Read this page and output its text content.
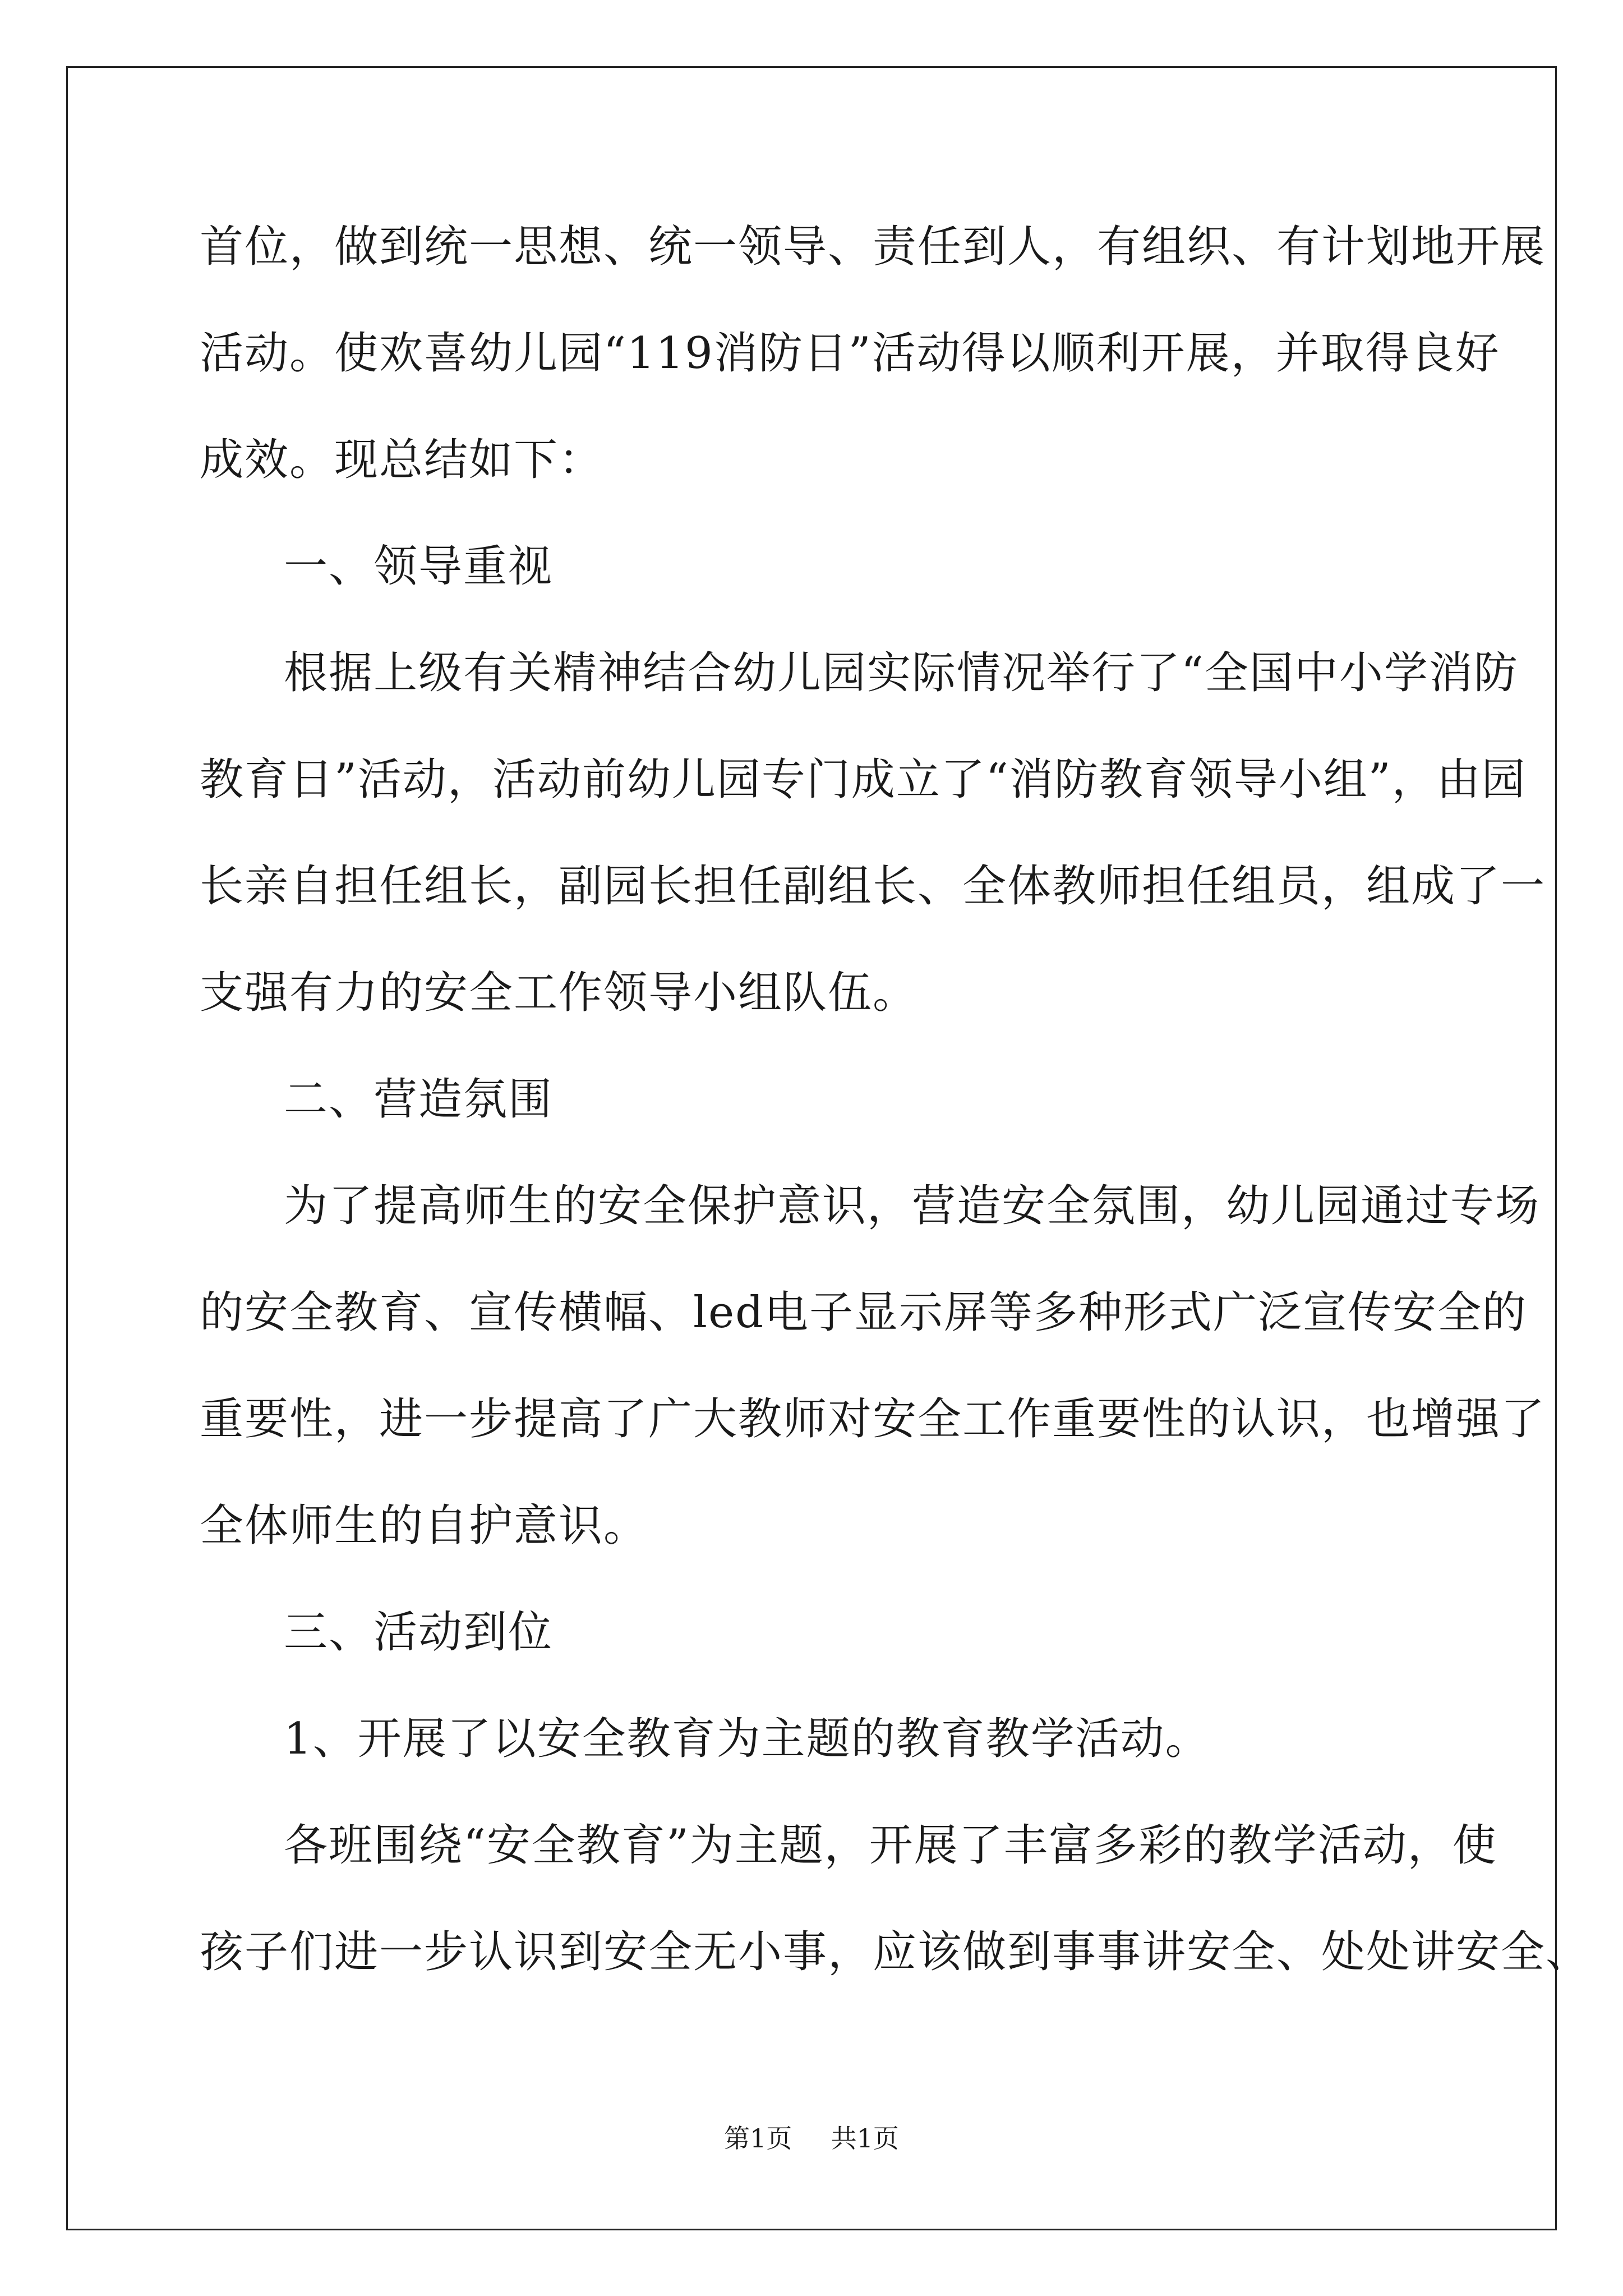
首位，做到统一思想、统一领导、责任到人，有组织、有计划地开展
活动。使欢喜幼儿园“119消防日”活动得以顺利开展，并取得良好
成效。现总结如下：
一、领导重视
根据上级有关精神结合幼儿园实际情况举行了“全国中小学消防
教育日”活动，活动前幼儿园专门成立了“消防教育领导小组”，由园
长亲自担任组长，副园长担任副组长、全体教师担任组员，组成了一
支强有力的安全工作领导小组队伍。
二、营造氛围
为了提高师生的安全保护意识，营造安全氛围，幼儿园通过专场
的安全教育、宣传横幅、led电子显示屏等多种形式广泛宣传安全的
重要性，进一步提高了广大教师对安全工作重要性的认识，也增强了
全体师生的自护意识。
三、活动到位
1、开展了以安全教育为主题的教育教学活动。
各班围绕“安全教育”为主题，开展了丰富多彩的教学活动，使
孩子们进一步认识到安全无小事，应该做到事事讲安全、处处讲安全、
第1页 共1页
